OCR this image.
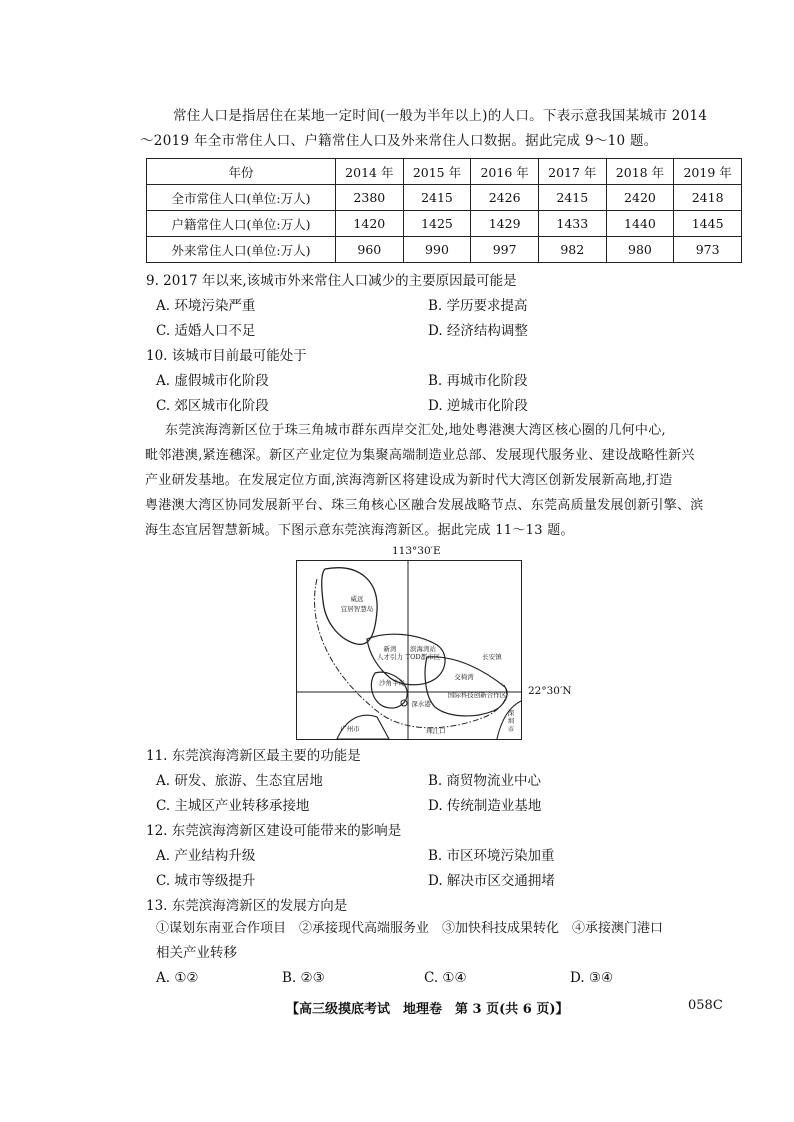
常住人口是指居住在某地一定时间(一般为半年以上)的人口。下表示意我国某城市 2014
～2019 年全市常住人口、户籍常住人口及外来常住人口数据。据此完成 9～10 题。
年份	2014 年	2015 年	2016 年	2017 年	2018 年	2019 年
全市常住人口(单位:万人)	2380	2415	2426	2415	2420	2418
户籍常住人口(单位:万人)	1420	1425	1429	1433	1440	1445
外来常住人口(单位:万人)	960	990	997	982	980	973
9. 2017 年以来,该城市外来常住人口减少的主要原因最可能是
A. 环境污染严重	B. 学历要求提高
C. 适婚人口不足	D. 经济结构调整
10. 该城市目前最可能处于
A. 虚假城市化阶段	B. 再城市化阶段
C. 郊区城市化阶段	D. 逆城市化阶段
东莞滨海湾新区位于珠三角城市群东西岸交汇处,地处粤港澳大湾区核心圈的几何中心,
毗邻港澳,紧连穗深。新区产业定位为集聚高端制造业总部、发展现代服务业、建设战略性新兴
产业研发基地。在发展定位方面,滨海湾新区将建设成为新时代大湾区创新发展新高地,打造
粤港澳大湾区协同发展新平台、珠三角核心区融合发展战略节点、东莞高质量发展创新引擎、滨
海生态宜居智慧新城。下图示意东莞滨海湾新区。据此完成 11～13 题。
113°30′E
22°30′N
威远
宜居智慧岛
新湾
人才引力
滨海湾站
TOD都市区	长安镇
交椅湾
沙角半岛
国际科技创新合作区
深水港
广州市	珠江口
深圳市
11. 东莞滨海湾新区最主要的功能是
A. 研发、旅游、生态宜居地	B. 商贸物流业中心
C. 主城区产业转移承接地	D. 传统制造业基地
12. 东莞滨海湾新区建设可能带来的影响是
A. 产业结构升级	B. 市区环境污染加重
C. 城市等级提升	D. 解决市区交通拥堵
13. 东莞滨海湾新区的发展方向是
①谋划东南亚合作项目　②承接现代高端服务业　③加快科技成果转化　④承接澳门港口
相关产业转移
A. ①②	B. ②③	C. ①④	D. ③④
【高三级摸底考试　地理卷　第 3 页(共 6 页)】	058C
